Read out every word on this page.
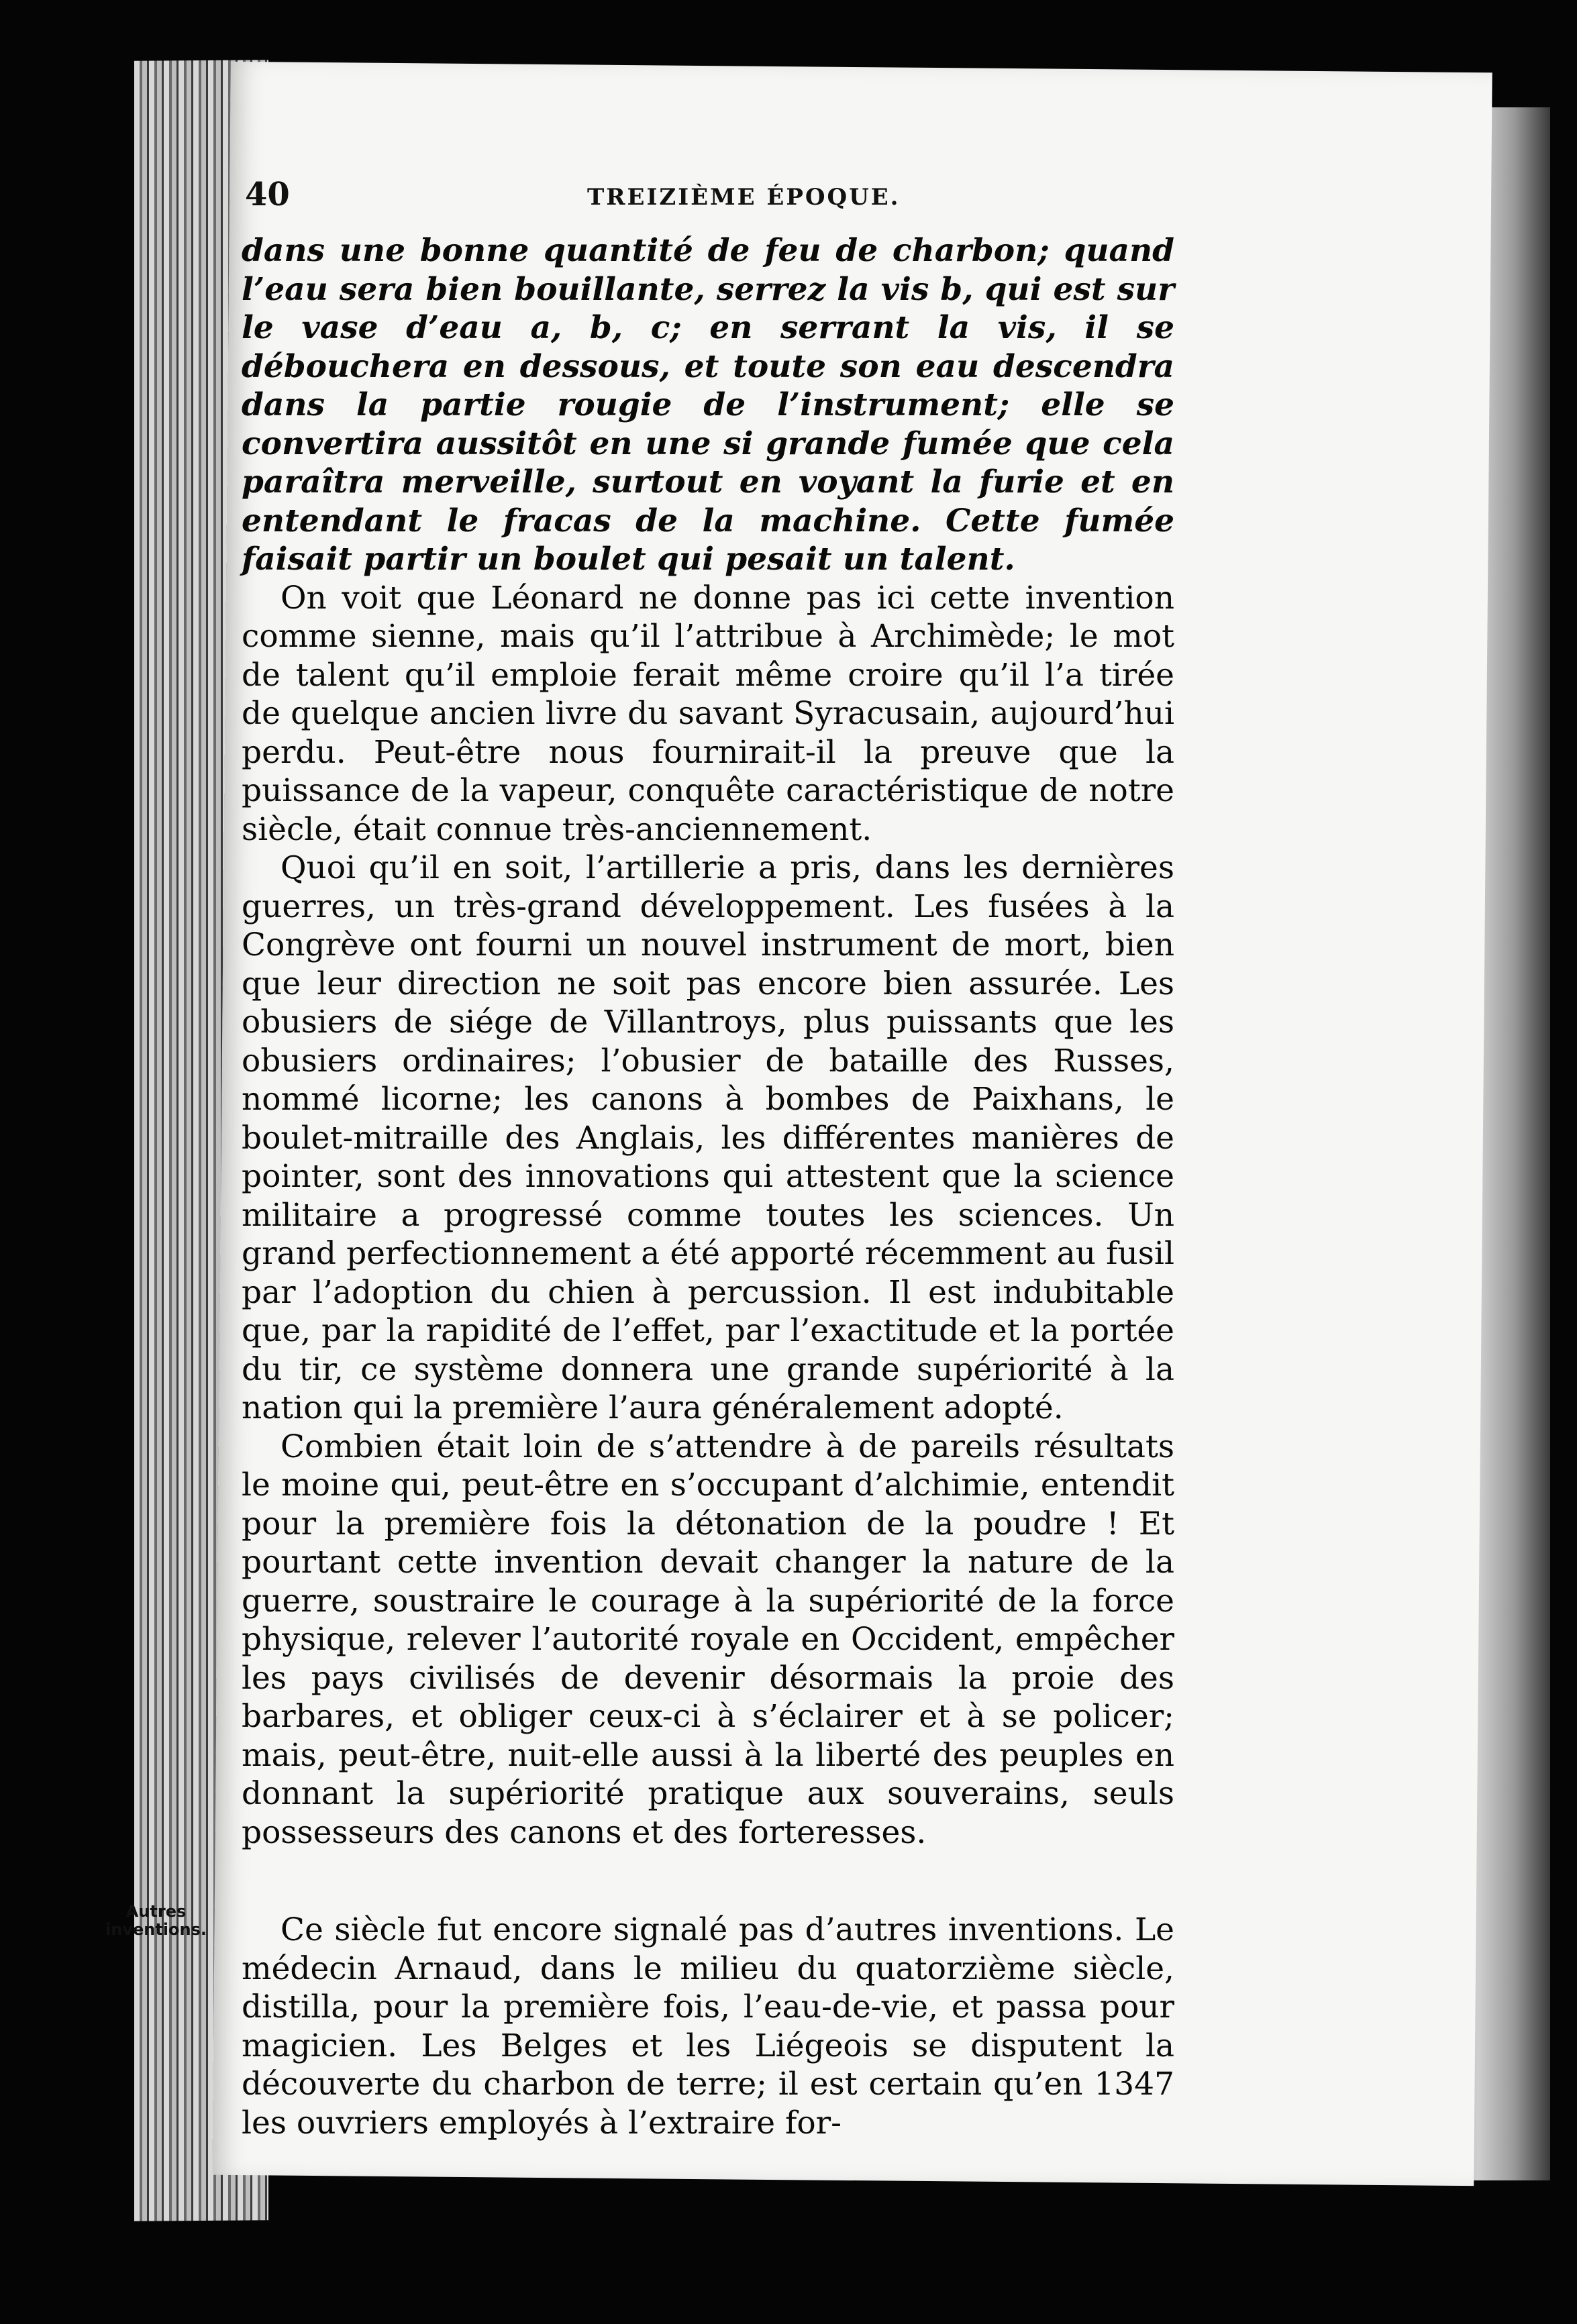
40	TREIZIÈME ÉPOQUE.

dans une bonne quantité de feu de charbon; quand l’eau sera bien bouillante, serrez la vis b, qui est sur le vase d’eau a, b, c; en serrant la vis, il se débouchera en dessous, et toute son eau descendra dans la partie rougie de l’instrument; elle se convertira aussitôt en une si grande fumée que cela paraîtra merveille, surtout en voyant la furie et en entendant le fracas de la machine. Cette fumée faisait partir un boulet qui pesait un talent.

On voit que Léonard ne donne pas ici cette invention comme sienne, mais qu’il l’attribue à Archimède; le mot de talent qu’il emploie ferait même croire qu’il l’a tirée de quelque ancien livre du savant Syracusain, aujourd’hui perdu. Peut-être nous fournirait-il la preuve que la puissance de la vapeur, conquête caractéristique de notre siècle, était connue très-anciennement.

Quoi qu’il en soit, l’artillerie a pris, dans les dernières guerres, un très-grand développement. Les fusées à la Congrève ont fourni un nouvel instrument de mort, bien que leur direction ne soit pas encore bien assurée. Les obusiers de siége de Villantroys, plus puissants que les obusiers ordinaires; l’obusier de bataille des Russes, nommé licorne; les canons à bombes de Paixhans, le boulet-mitraille des Anglais, les différentes manières de pointer, sont des innovations qui attestent que la science militaire a progressé comme toutes les sciences. Un grand perfectionnement a été apporté récemment au fusil par l’adoption du chien à percussion. Il est indubitable que, par la rapidité de l’effet, par l’exactitude et la portée du tir, ce système donnera une grande supériorité à la nation qui la première l’aura généralement adopté.

Combien était loin de s’attendre à de pareils résultats le moine qui, peut-être en s’occupant d’alchimie, entendit pour la première fois la détonation de la poudre ! Et pourtant cette invention devait changer la nature de la guerre, soustraire le courage à la supériorité de la force physique, relever l’autorité royale en Occident, empêcher les pays civilisés de devenir désormais la proie des barbares, et obliger ceux-ci à s’éclairer et à se policer; mais, peut-être, nuit-elle aussi à la liberté des peuples en donnant la supériorité pratique aux souverains, seuls possesseurs des canons et des forteresses.

Autres inventions.	Ce siècle fut encore signalé pas d’autres inventions. Le médecin Arnaud, dans le milieu du quatorzième siècle, distilla, pour la première fois, l’eau-de-vie, et passa pour magicien. Les Belges et les Liégeois se disputent la découverte du charbon de terre; il est certain qu’en 1347 les ouvriers employés à l’extraire for-
